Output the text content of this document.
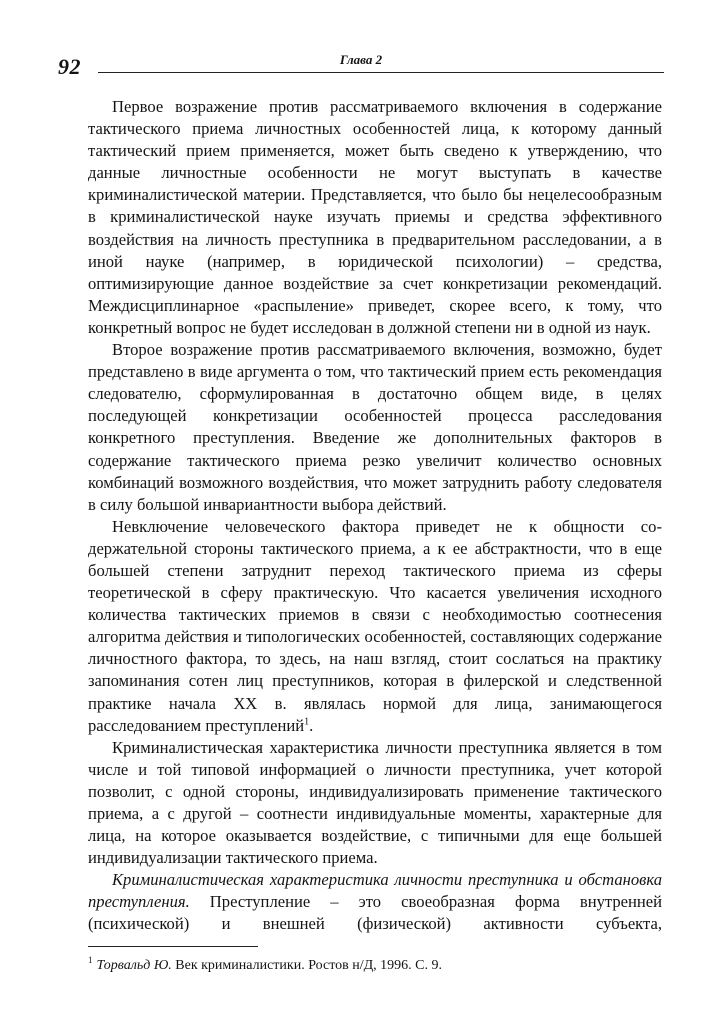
92	Глава 2

Первое возражение против рассматриваемого включения в содержание тактического приема личностных особенностей лица, к которому данный тактический прием применяется, может быть сведено к утверждению, что данные личностные особенности не могут выступать в качестве криминалистической материи. Представляется, что было бы нецелесообразным в криминалистической науке изучать приемы и средства эффективного воздействия на личность преступника в предварительном расследовании, а в иной науке (например, в юридической психологии) – средства, оптимизирующие данное воздействие за счет конкретизации рекомендаций. Междисциплинарное «распыление» приведет, скорее всего, к тому, что конкретный вопрос не будет исследован в должной степени ни в одной из наук.

Второе возражение против рассматриваемого включения, возможно, будет представлено в виде аргумента о том, что тактический прием есть рекомендация следователю, сформулированная в достаточно общем виде, в целях последующей конкретизации особенностей процесса расследования конкретного преступления. Введение же дополнительных факторов в содержание тактического приема резко увеличит количество основных комбинаций возможного воздействия, что может затруднить работу следователя в силу большой инвариантности выбора действий.

Невключение человеческого фактора приведет не к общности содержательной стороны тактического приема, а к ее абстрактности, что в еще большей степени затруднит переход тактического приема из сферы теоретической в сферу практическую. Что касается увеличения исходного количества тактических приемов в связи с необходимостью соотнесения алгоритма действия и типологических особенностей, составляющих содержание личностного фактора, то здесь, на наш взгляд, стоит сослаться на практику запоминания сотен лиц преступников, которая в филерской и следственной практике начала XX в. являлась нормой для лица, занимающегося расследованием преступлений$^1$.

Криминалистическая характеристика личности преступника является в том числе и той типовой информацией о личности преступника, учет которой позволит, с одной стороны, индивидуализировать применение тактического приема, а с другой – соотнести индивидуальные моменты, характерные для лица, на которое оказывается воздействие, с типичными для еще большей индивидуализации тактического приема.

Криминалистическая характеристика личности преступника и обстановка преступления. Преступление – это своеобразная форма внутренней (психической) и внешней (физической) активности субъекта,

$^1$ Торвальд Ю. Век криминалистики. Ростов н/Д, 1996. С. 9.
